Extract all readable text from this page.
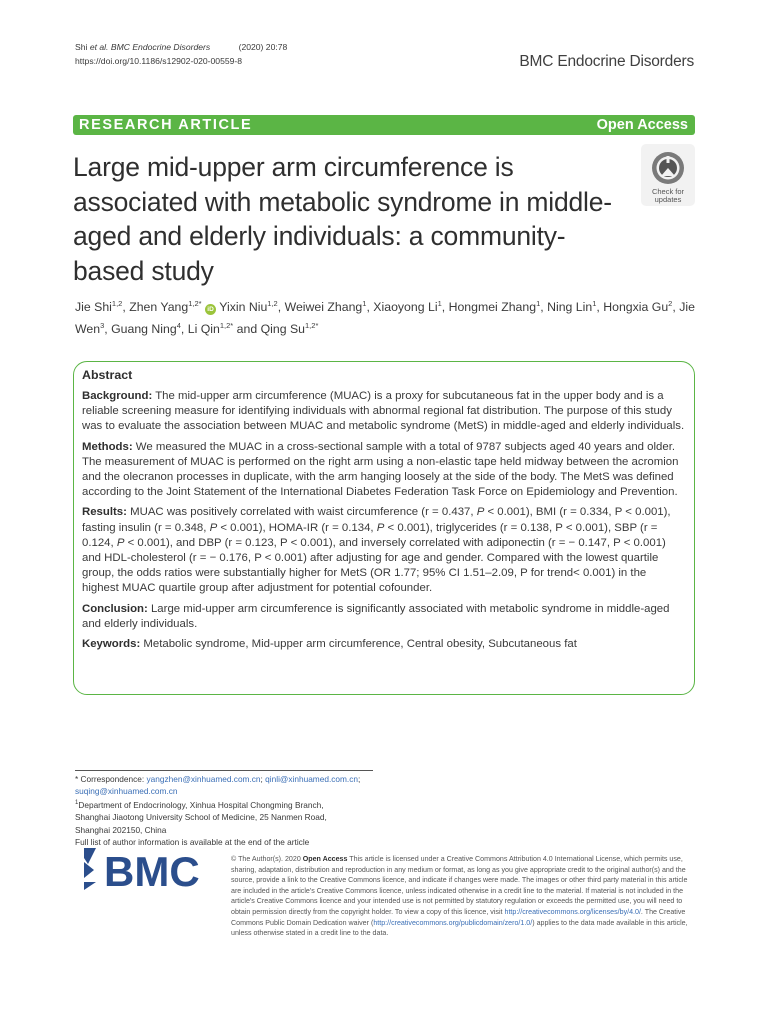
Shi et al. BMC Endocrine Disorders	(2020) 20:78
https://doi.org/10.1186/s12902-020-00559-8	BMC Endocrine Disorders
RESEARCH ARTICLE	Open Access
Large mid-upper arm circumference is associated with metabolic syndrome in middle-aged and elderly individuals: a community-based study
Check for
updates
Jie Shi$^{1,2}$, Zhen Yang$^{1,2*}$ iD Yixin Niu$^{1,2}$, Weiwei Zhang$^1$, Xiaoyong Li$^1$, Hongmei Zhang$^1$, Ning Lin$^1$, Hongxia Gu$^2$, Jie Wen$^3$, Guang Ning$^4$, Li Qin$^{1,2*}$ and Qing $Su^{1,2*}$
Abstract

Background: The mid-upper arm circumference (MUAC) is a proxy for subcutaneous fat in the upper body and is a reliable screening measure for identifying individuals with abnormal regional fat distribution. The purpose of this study was to evaluate the association between MUAC and metabolic syndrome (MetS) in middle-aged and elderly individuals.

Methods: We measured the MUAC in a cross-sectional sample with a total of 9787 subjects aged 40 years and older. The measurement of MUAC is performed on the right arm using a non-elastic tape held midway between the acromion and the olecranon processes in duplicate, with the arm hanging loosely at the side of the body. The MetS was defined according to the Joint Statement of the International Diabetes Federation Task Force on Epidemiology and Prevention.

Results: MUAC was positively correlated with waist circumference (r = 0.437, P < 0.001), BMI (r = 0.334, P < 0.001), fasting insulin (r = 0.348, P < 0.001), HOMA-IR (r = 0.134, P < 0.001), triglycerides (r = 0.138, P < 0.001), SBP (r = 0.124, P < 0.001), and DBP (r = 0.123, P < 0.001), and inversely correlated with adiponectin (r = − 0.147, P < 0.001) and HDL-cholesterol (r = − 0.176, P < 0.001) after adjusting for age and gender. Compared with the lowest quartile group, the odds ratios were substantially higher for MetS (OR 1.77; 95% CI 1.51–2.09, P for trend< 0.001) in the highest MUAC quartile group after adjustment for potential cofounder.

Conclusion: Large mid-upper arm circumference is significantly associated with metabolic syndrome in middle-aged and elderly individuals.

Keywords: Metabolic syndrome, Mid-upper arm circumference, Central obesity, Subcutaneous fat

* Correspondence: yangzhen@xinhuamed.com.cn; qinli@xinhuamed.com.cn;
suqing@xinhuamed.com.cn
$^1$Department of Endocrinology, Xinhua Hospital Chongming Branch,
Shanghai Jiaotong University School of Medicine, 25 Nanmen Road,
Shanghai 202150, China
Full list of author information is available at the end of the article
BMC	© The Author(s). 2020 Open Access This article is licensed under a Creative Commons Attribution 4.0 International License, which permits use, sharing, adaptation, distribution and reproduction in any medium or format, as long as you give appropriate credit to the original author(s) and the source, provide a link to the Creative Commons licence, and indicate if changes were made. The images or other third party material in this article are included in the article's Creative Commons licence, unless indicated otherwise in a credit line to the material. If material is not included in the article's Creative Commons licence and your intended use is not permitted by statutory regulation or exceeds the permitted use, you will need to obtain permission directly from the copyright holder. To view a copy of this licence, visit http://creativecommons.org/licenses/by/4.0/. The Creative Commons Public Domain Dedication waiver (http://creativecommons.org/publicdomain/zero/1.0/) applies to the data made available in this article, unless otherwise stated in a credit line to the data.
